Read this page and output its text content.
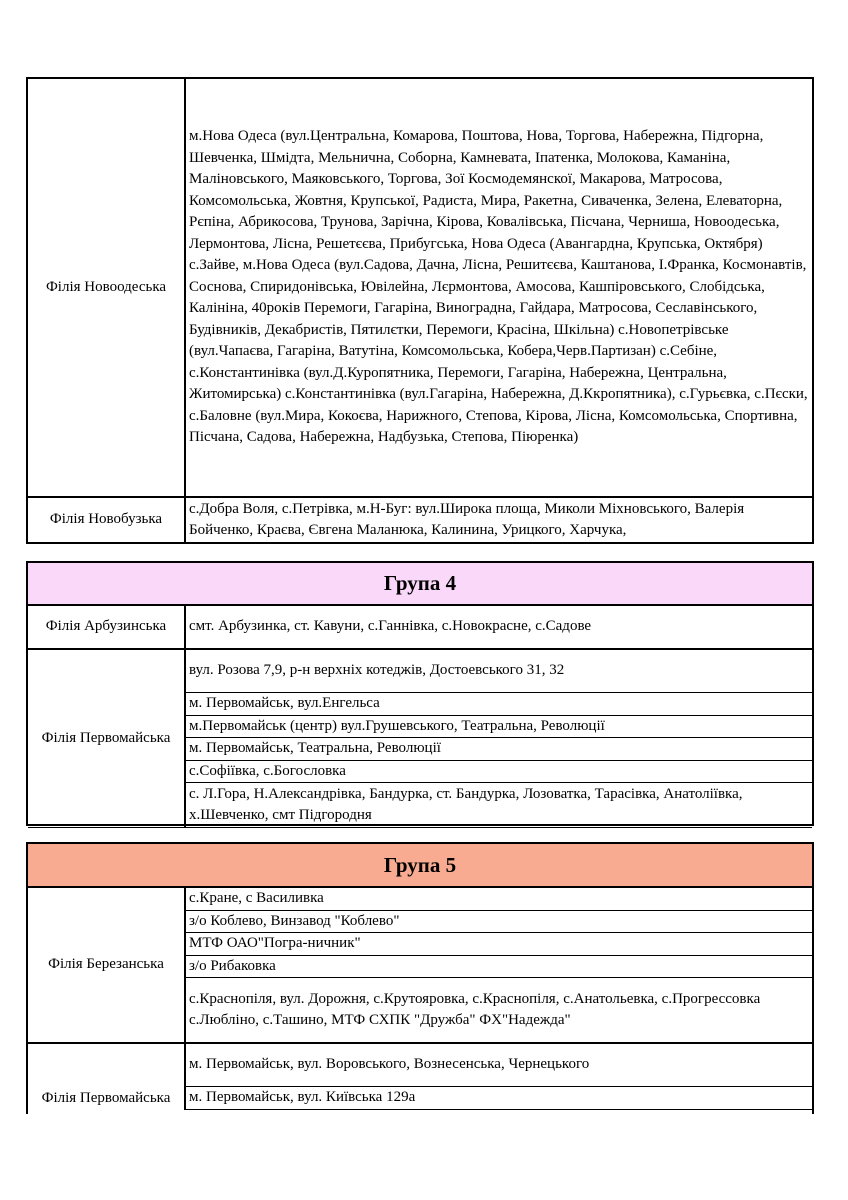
Філія Новоодеська	м.Нова Одеса (вул.Центральна, Комарова, Поштова, Нова, Торгова, Набережна, Підгорна, Шевченка, Шмідта, Мельнична, Соборна, Камневата, Іпатенка, Молокова, Каманіна, Маліновського, Маяковського, Торгова, Зої Космодемянскої, Макарова, Матросова, Комсомольська, Жовтня, Крупської, Радиста, Мира, Ракетна, Сиваченка, Зелена, Елеваторна, Рєпіна, Абрикосова, Трунова, Зарічна, Кірова, Ковалівська, Пісчана, Черниша, Новоодеська, Лермонтова, Лісна, Решетєєва, Прибугська, Нова Одеса (Авангардна, Крупська, Октября) с.Зайве, м.Нова Одеса (вул.Садова, Дачна, Лісна, Решитєєва, Каштанова, І.Франка, Космонавтів, Соснова, Спиридонівська, Ювілейна, Лєрмонтова, Амосова, Кашпіровського, Слобідська, Калініна, 40років Перемоги, Гагаріна, Виноградна, Гайдара, Матросова, Сеславінського, Будівників, Декабристів, Пятилєтки, Перемоги, Красіна, Шкільна) с.Новопетрівське (вул.Чапаєва, Гагаріна, Ватутіна, Комсомольська, Кобера,Черв.Партизан) с.Себіне, с.Константинівка (вул.Д.Куропятника, Перемоги, Гагаріна, Набережна, Центральна, Житомирська) с.Константинівка (вул.Гагаріна, Набережна, Д.Ккропятника), с.Гурьєвка, с.Пєски, с.Баловне (вул.Мира, Кокоєва, Нарижного, Степова, Кірова, Лісна, Комсомольська, Спортивна, Пісчана, Садова, Набережна, Надбузька, Степова, Піюренка)
Філія Новобузька	с.Добра Воля, с.Петрівка, м.Н-Буг: вул.Широка площа, Миколи Міхновського, Валерія Бойченко, Краєва, Євгена Маланюка, Калинина, Урицкого, Харчука,
Група 4
Філія Арбузинська	смт. Арбузинка, ст. Кавуни, с.Ганнівка, с.Новокрасне, с.Садове
Філія Первомайська	вул. Розова 7,9, р-н верхніх котеджів, Достоевського 31, 32
	м. Первомайськ, вул.Енгельса
	м.Первомайськ (центр) вул.Грушевського, Театральна, Революції
	м. Первомайськ, Театральна, Революції
	с.Софіївка, с.Богословка
	с. Л.Гора, Н.Александрівка, Бандурка, ст. Бандурка, Лозоватка, Тарасівка, Анатоліївка, х.Шевченко, смт Підгородня
Група 5
Філія Березанська	с.Кране, с Василивка
	з/о Коблево, Винзавод "Коблево"
	МТФ ОАО"Погра-ничник"
	з/о Рибаковка
	с.Краснопіля, вул. Дорожня, с.Крутояровка, с.Краснопіля, с.Анатольевка, с.Прогрессовка с.Люблiно, с.Ташино, МТФ СХПК "Дружба" ФХ"Надежда"
Філія Первомайська	м. Первомайськ, вул. Воровського, Вознесенська, Чернецького
	м. Первомайськ, вул. Київська 129а
